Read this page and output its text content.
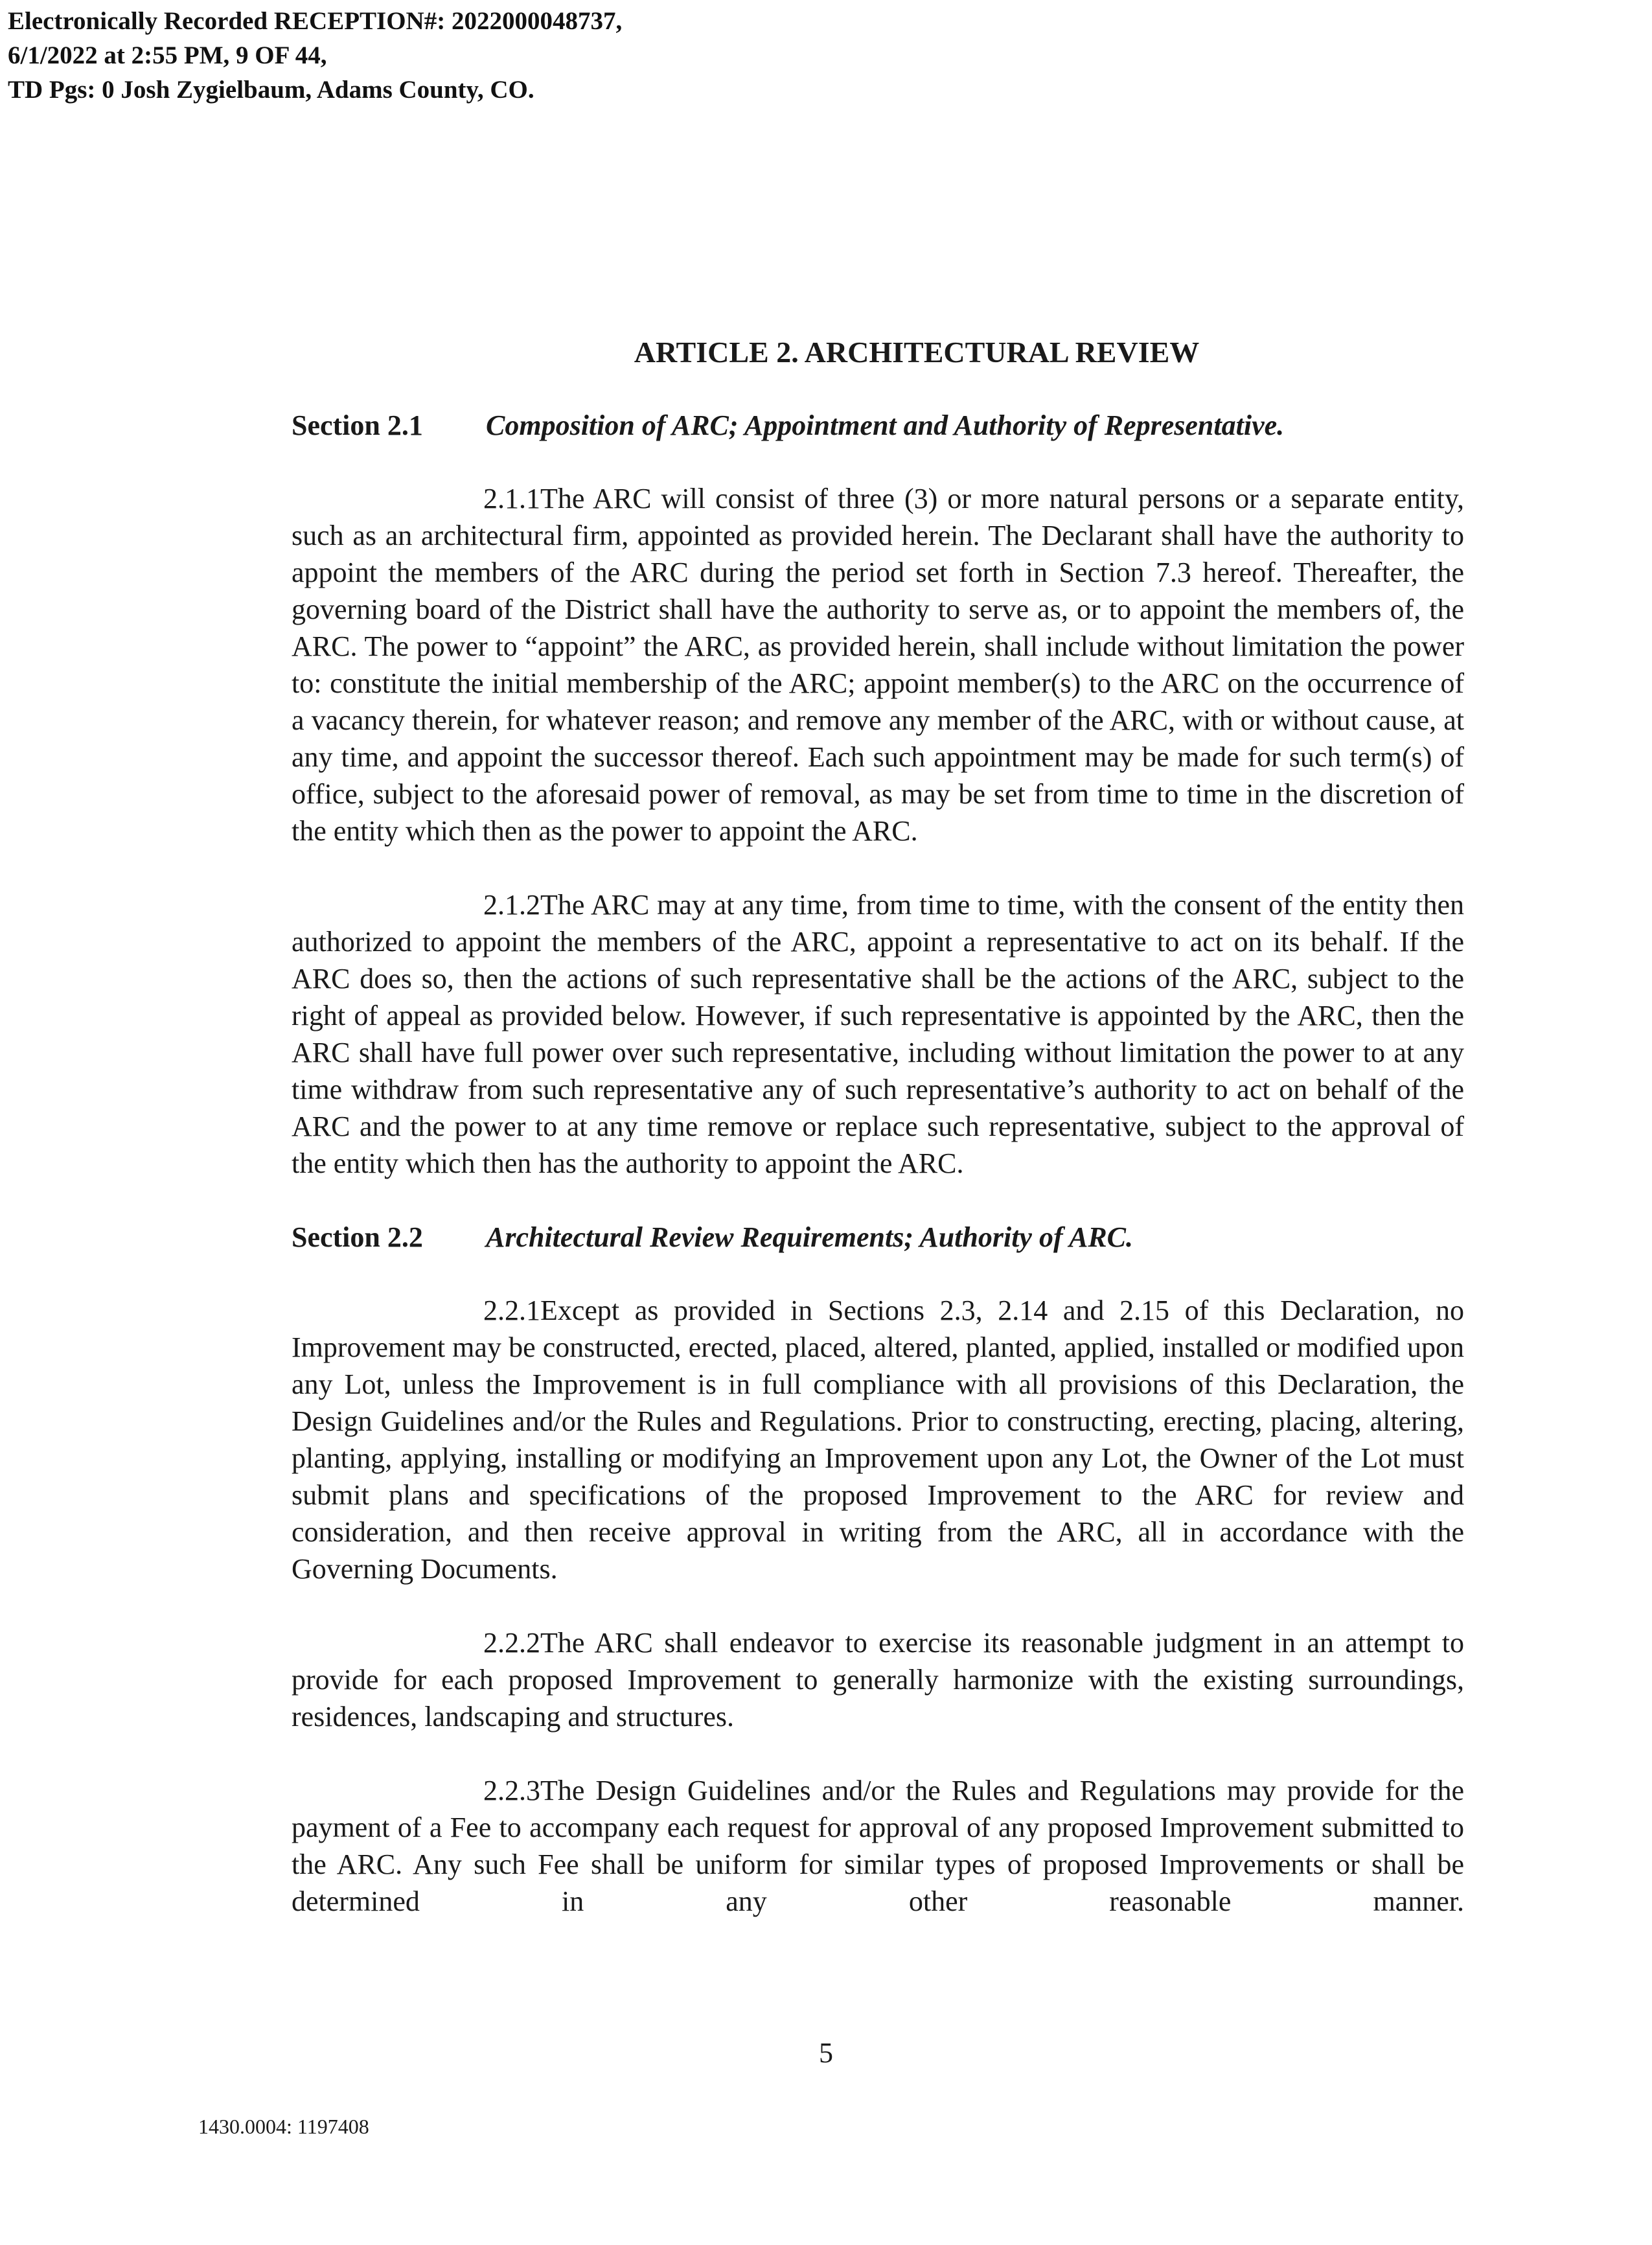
Electronically Recorded RECEPTION#: 2022000048737,
6/1/2022 at 2:55 PM, 9 OF 44,
TD Pgs: 0 Josh Zygielbaum, Adams County, CO.
ARTICLE 2. ARCHITECTURAL REVIEW
Section 2.1 Composition of ARC; Appointment and Authority of Representative.

2.1.1The ARC will consist of three (3) or more natural persons or a separate entity, such as an architectural firm, appointed as provided herein. The Declarant shall have the authority to appoint the members of the ARC during the period set forth in Section 7.3 hereof. Thereafter, the governing board of the District shall have the authority to serve as, or to appoint the members of, the ARC. The power to “appoint” the ARC, as provided herein, shall include without limitation the power to: constitute the initial membership of the ARC; appoint member(s) to the ARC on the occurrence of a vacancy therein, for whatever reason; and remove any member of the ARC, with or without cause, at any time, and appoint the successor thereof. Each such appointment may be made for such term(s) of office, subject to the aforesaid power of removal, as may be set from time to time in the discretion of the entity which then as the power to appoint the ARC.

2.1.2The ARC may at any time, from time to time, with the consent of the entity then authorized to appoint the members of the ARC, appoint a representative to act on its behalf. If the ARC does so, then the actions of such representative shall be the actions of the ARC, subject to the right of appeal as provided below. However, if such representative is appointed by the ARC, then the ARC shall have full power over such representative, including without limitation the power to at any time withdraw from such representative any of such representative’s authority to act on behalf of the ARC and the power to at any time remove or replace such representative, subject to the approval of the entity which then has the authority to appoint the ARC.

Section 2.2 Architectural Review Requirements; Authority of ARC.

2.2.1Except as provided in Sections 2.3, 2.14 and 2.15 of this Declaration, no Improvement may be constructed, erected, placed, altered, planted, applied, installed or modified upon any Lot, unless the Improvement is in full compliance with all provisions of this Declaration, the Design Guidelines and/or the Rules and Regulations. Prior to constructing, erecting, placing, altering, planting, applying, installing or modifying an Improvement upon any Lot, the Owner of the Lot must submit plans and specifications of the proposed Improvement to the ARC for review and consideration, and then receive approval in writing from the ARC, all in accordance with the Governing Documents.

2.2.2The ARC shall endeavor to exercise its reasonable judgment in an attempt to provide for each proposed Improvement to generally harmonize with the existing surroundings, residences, landscaping and structures.

2.2.3The Design Guidelines and/or the Rules and Regulations may provide for the payment of a Fee to accompany each request for approval of any proposed Improvement submitted to the ARC. Any such Fee shall be uniform for similar types of proposed Improvements or shall be determined in any other reasonable manner.

5
1430.0004: 1197408
